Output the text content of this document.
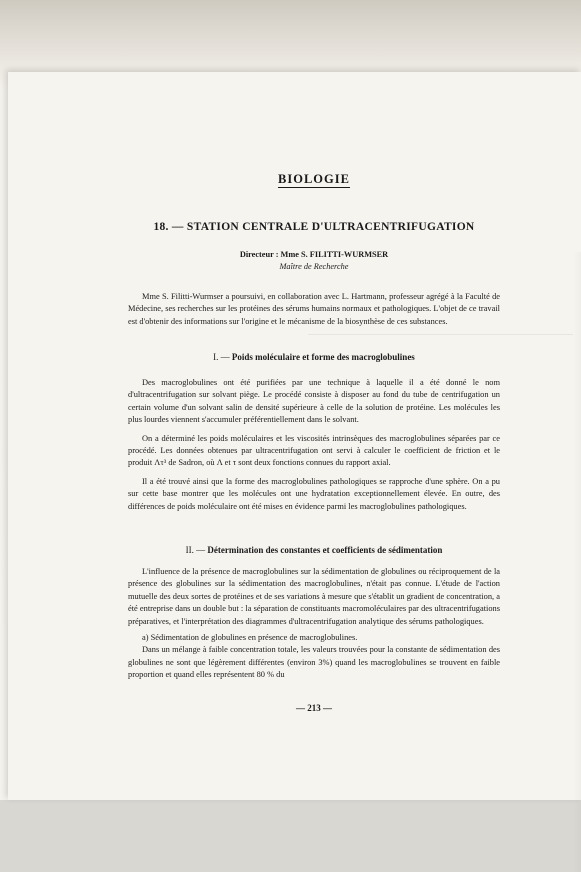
BIOLOGIE
18. — STATION CENTRALE D'ULTRACENTRIFUGATION
Directeur : Mme S. FILITTI-WURMSER
Maître de Recherche

Mme S. Filitti-Wurmser a poursuivi, en collaboration avec L. Hartmann, professeur agrégé à la Faculté de Médecine, ses recherches sur les protéines des sérums humains normaux et pathologiques. L'objet de ce travail est d'obtenir des informations sur l'origine et le mécanisme de la biosynthèse de ces substances.

I. — Poids moléculaire et forme des macroglobulines

Des macroglobulines ont été purifiées par une technique à laquelle il a été donné le nom d'ultracentrifugation sur solvant piège. Le procédé consiste à disposer au fond du tube de centrifugation un certain volume d'un solvant salin de densité supérieure à celle de la solution de protéine. Les molécules les plus lourdes viennent s'accumuler préférentiellement dans le solvant.

On a déterminé les poids moléculaires et les viscosités intrinsèques des macroglobulines séparées par ce procédé. Les données obtenues par ultracentrifugation ont servi à calculer le coefficient de friction et le produit Λτ³ de Sadron, où Λ et τ sont deux fonctions connues du rapport axial.

Il a été trouvé ainsi que la forme des macroglobulines pathologiques se rapproche d'une sphère. On a pu sur cette base montrer que les molécules ont une hydratation exceptionnellement élevée. En outre, des différences de poids moléculaire ont été mises en évidence parmi les macroglobulines pathologiques.

II. — Détermination des constantes et coefficients de sédimentation

L'influence de la présence de macroglobulines sur la sédimentation de globulines ou réciproquement de la présence des globulines sur la sédimentation des macroglobulines, n'était pas connue. L'étude de l'action mutuelle des deux sortes de protéines et de ses variations à mesure que s'établit un gradient de concentration, a été entreprise dans un double but : la séparation de constituants macromoléculaires par des ultracentrifugations préparatives, et l'interprétation des diagrammes d'ultracentrifugation analytique des sérums pathologiques.

a) Sédimentation de globulines en présence de macroglobulines.

Dans un mélange à faible concentration totale, les valeurs trouvées pour la constante de sédimentation des globulines ne sont que légèrement différentes (environ 3%) quand les macroglobulines se trouvent en faible proportion et quand elles représentent 80 % du

— 213 —
